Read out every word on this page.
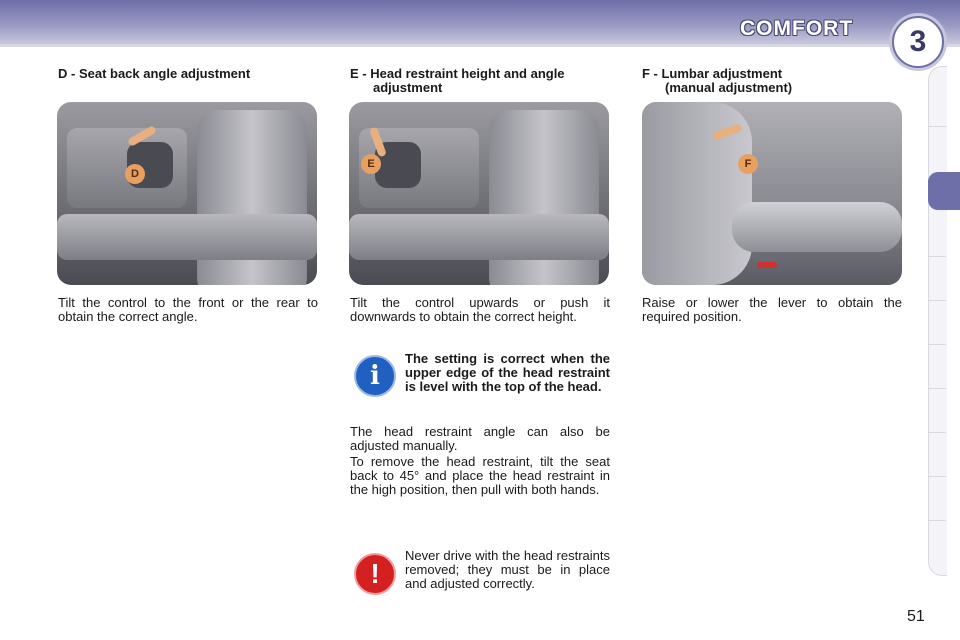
COMFORT	3
D - Seat back angle adjustment
D
Tilt the control to the front or the rear to obtain the correct angle.
E - Head restraint height and angle
adjustment
E
Tilt the control upwards or push it downwards to obtain the correct height.
i
The setting is correct when the upper edge of the head restraint is level with the top of the head.
The head restraint angle can also be adjusted manually.
To remove the head restraint, tilt the seat back to 45° and place the head restraint in the high position, then pull with both hands.
!
Never drive with the head restraints removed; they must be in place and adjusted correctly.
F - Lumbar adjustment
(manual adjustment)
F
Raise or lower the lever to obtain the required position.
51
